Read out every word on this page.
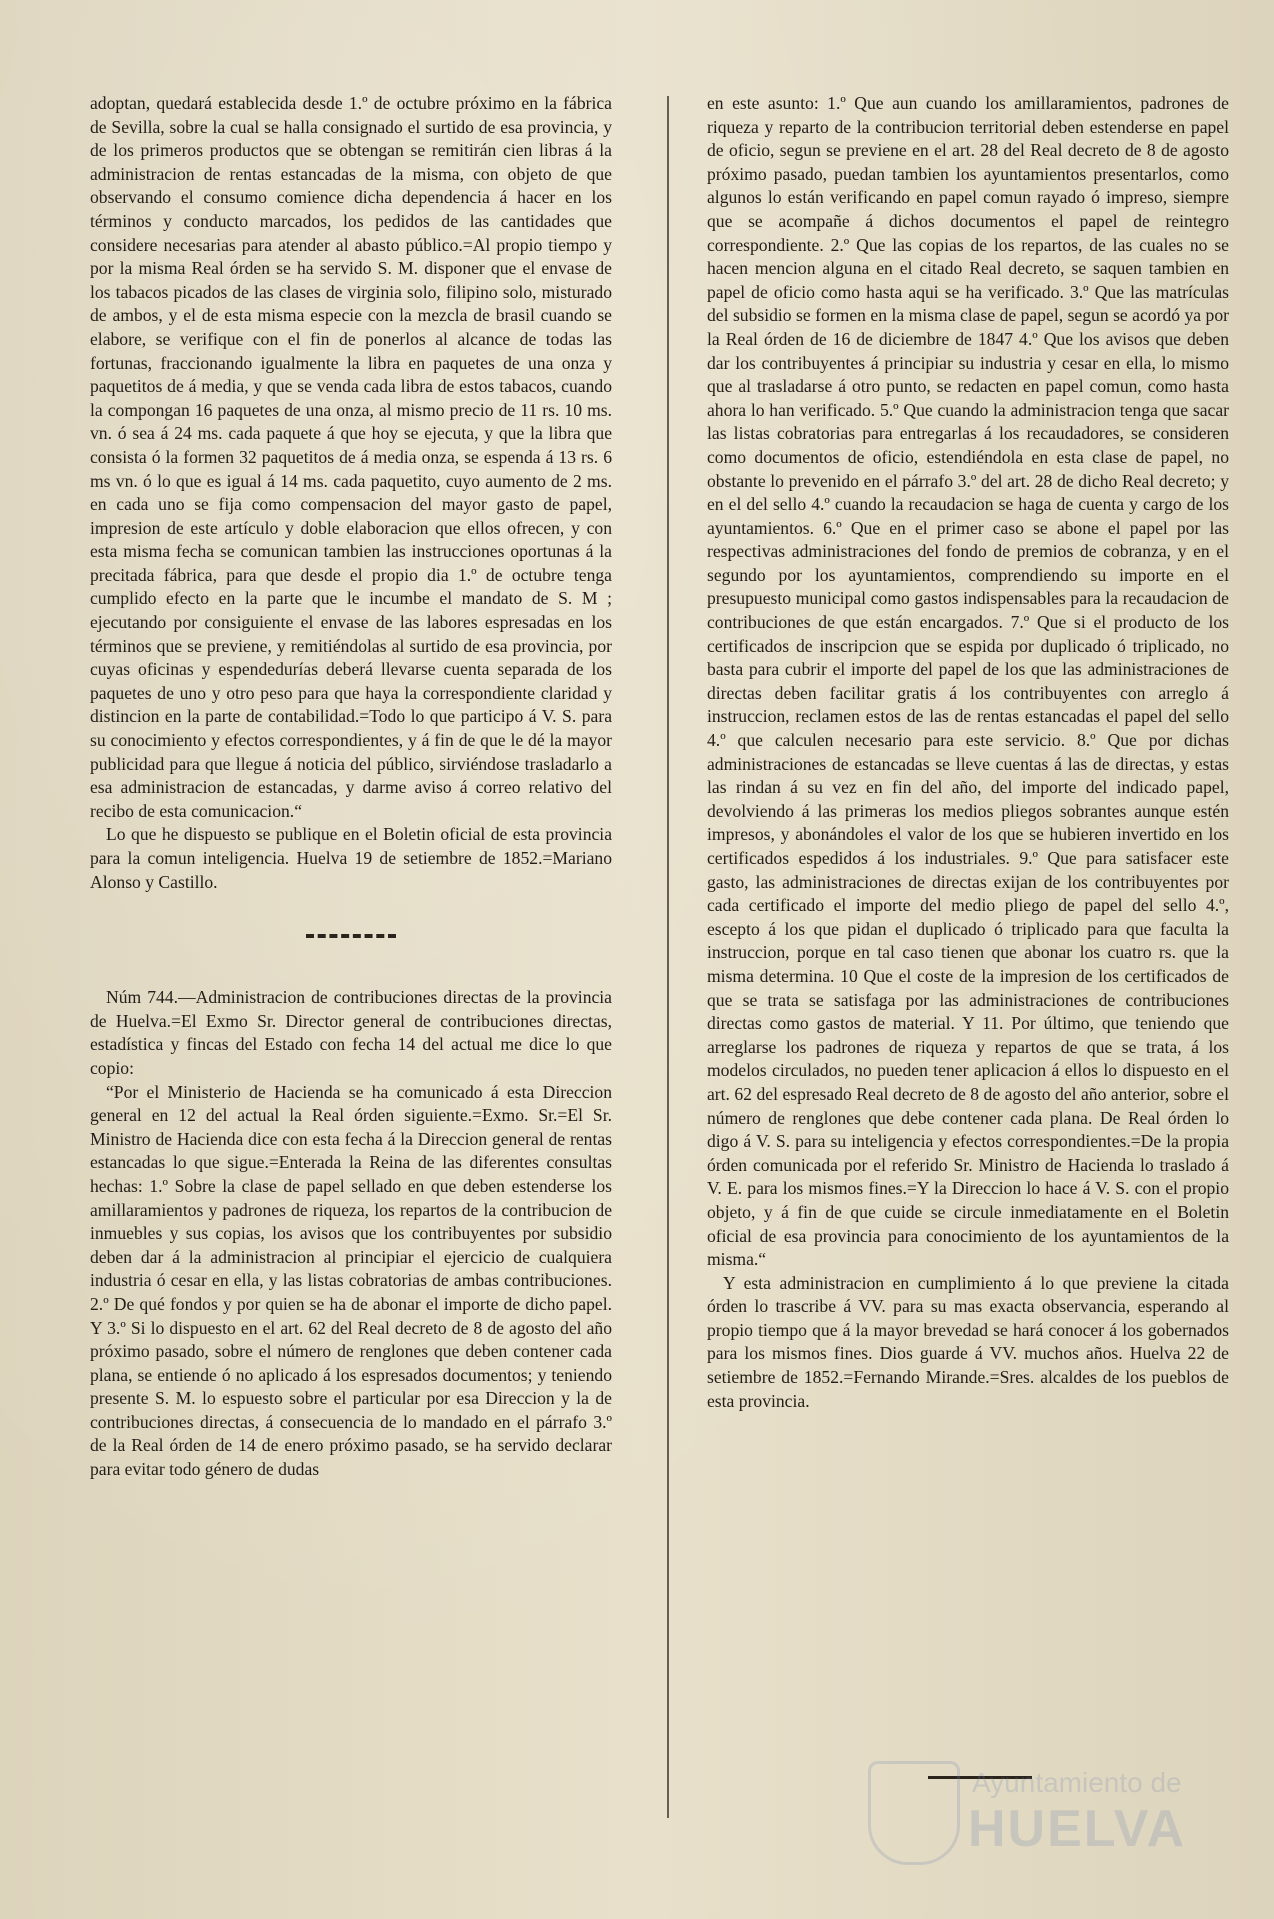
adoptan, quedará establecida desde 1.º de octubre próximo en la fábrica de Sevilla, sobre la cual se halla consignado el surtido de esa provincia, y de los primeros productos que se obtengan se remitirán cien libras á la administracion de rentas estancadas de la misma, con objeto de que observando el consumo comience dicha dependencia á hacer en los términos y conducto marcados, los pedidos de las cantidades que considere necesarias para atender al abasto público.=Al propio tiempo y por la misma Real órden se ha servido S. M. disponer que el envase de los tabacos picados de las clases de virginia solo, filipino solo, misturado de ambos, y el de esta misma especie con la mezcla de brasil cuando se elabore, se verifique con el fin de ponerlos al alcance de todas las fortunas, fraccionando igualmente la libra en paquetes de una onza y paquetitos de á media, y que se venda cada libra de estos tabacos, cuando la compongan 16 paquetes de una onza, al mismo precio de 11 rs. 10 ms. vn. ó sea á 24 ms. cada paquete á que hoy se ejecuta, y que la libra que consista ó la formen 32 paquetitos de á media onza, se espenda á 13 rs. 6 ms vn. ó lo que es igual á 14 ms. cada paquetito, cuyo aumento de 2 ms. en cada uno se fija como compensacion del mayor gasto de papel, impresion de este artículo y doble elaboracion que ellos ofrecen, y con esta misma fecha se comunican tambien las instrucciones oportunas á la precitada fábrica, para que desde el propio dia 1.º de octubre tenga cumplido efecto en la parte que le incumbe el mandato de S. M ; ejecutando por consiguiente el envase de las labores espresadas en los términos que se previene, y remitiéndolas al surtido de esa provincia, por cuyas oficinas y espendedurías deberá llevarse cuenta separada de los paquetes de uno y otro peso para que haya la correspondiente claridad y distincion en la parte de contabilidad.=Todo lo que participo á V. S. para su conocimiento y efectos correspondientes, y á fin de que le dé la mayor publicidad para que llegue á noticia del público, sirviéndose trasladarlo a esa administracion de estancadas, y darme aviso á correo relativo del recibo de esta comunicacion.“

Lo que he dispuesto se publique en el Boletin oficial de esta provincia para la comun inteligencia. Huelva 19 de setiembre de 1852.=Mariano Alonso y Castillo.

Núm 744.—Administracion de contribuciones directas de la provincia de Huelva.=El Exmo Sr. Director general de contribuciones directas, estadística y fincas del Estado con fecha 14 del actual me dice lo que copio:

“Por el Ministerio de Hacienda se ha comunicado á esta Direccion general en 12 del actual la Real órden siguiente.=Exmo. Sr.=El Sr. Ministro de Hacienda dice con esta fecha á la Direccion general de rentas estancadas lo que sigue.=Enterada la Reina de las diferentes consultas hechas: 1.º Sobre la clase de papel sellado en que deben estenderse los amillaramientos y padrones de riqueza, los repartos de la contribucion de inmuebles y sus copias, los avisos que los contribuyentes por subsidio deben dar á la administracion al principiar el ejercicio de cualquiera industria ó cesar en ella, y las listas cobratorias de ambas contribuciones. 2.º De qué fondos y por quien se ha de abonar el importe de dicho papel. Y 3.º Si lo dispuesto en el art. 62 del Real decreto de 8 de agosto del año próximo pasado, sobre el número de renglones que deben contener cada plana, se entiende ó no aplicado á los espresados documentos; y teniendo presente S. M. lo espuesto sobre el particular por esa Direccion y la de contribuciones directas, á consecuencia de lo mandado en el párrafo 3.º de la Real órden de 14 de enero próximo pasado, se ha servido declarar para evitar todo género de dudas

en este asunto: 1.º Que aun cuando los amillaramientos, padrones de riqueza y reparto de la contribucion territorial deben estenderse en papel de oficio, segun se previene en el art. 28 del Real decreto de 8 de agosto próximo pasado, puedan tambien los ayuntamientos presentarlos, como algunos lo están verificando en papel comun rayado ó impreso, siempre que se acompañe á dichos documentos el papel de reintegro correspondiente. 2.º Que las copias de los repartos, de las cuales no se hacen mencion alguna en el citado Real decreto, se saquen tambien en papel de oficio como hasta aqui se ha verificado. 3.º Que las matrículas del subsidio se formen en la misma clase de papel, segun se acordó ya por la Real órden de 16 de diciembre de 1847 4.º Que los avisos que deben dar los contribuyentes á principiar su industria y cesar en ella, lo mismo que al trasladarse á otro punto, se redacten en papel comun, como hasta ahora lo han verificado. 5.º Que cuando la administracion tenga que sacar las listas cobratorias para entregarlas á los recaudadores, se consideren como documentos de oficio, estendiéndola en esta clase de papel, no obstante lo prevenido en el párrafo 3.º del art. 28 de dicho Real decreto; y en el del sello 4.º cuando la recaudacion se haga de cuenta y cargo de los ayuntamientos. 6.º Que en el primer caso se abone el papel por las respectivas administraciones del fondo de premios de cobranza, y en el segundo por los ayuntamientos, comprendiendo su importe en el presupuesto municipal como gastos indispensables para la recaudacion de contribuciones de que están encargados. 7.º Que si el producto de los certificados de inscripcion que se espida por duplicado ó triplicado, no basta para cubrir el importe del papel de los que las administraciones de directas deben facilitar gratis á los contribuyentes con arreglo á instruccion, reclamen estos de las de rentas estancadas el papel del sello 4.º que calculen necesario para este servicio. 8.º Que por dichas administraciones de estancadas se lleve cuentas á las de directas, y estas las rindan á su vez en fin del año, del importe del indicado papel, devolviendo á las primeras los medios pliegos sobrantes aunque estén impresos, y abonándoles el valor de los que se hubieren invertido en los certificados espedidos á los industriales. 9.º Que para satisfacer este gasto, las administraciones de directas exijan de los contribuyentes por cada certificado el importe del medio pliego de papel del sello 4.º, escepto á los que pidan el duplicado ó triplicado para que faculta la instruccion, porque en tal caso tienen que abonar los cuatro rs. que la misma determina. 10 Que el coste de la impresion de los certificados de que se trata se satisfaga por las administraciones de contribuciones directas como gastos de material. Y 11. Por último, que teniendo que arreglarse los padrones de riqueza y repartos de que se trata, á los modelos circulados, no pueden tener aplicacion á ellos lo dispuesto en el art. 62 del espresado Real decreto de 8 de agosto del año anterior, sobre el número de renglones que debe contener cada plana. De Real órden lo digo á V. S. para su inteligencia y efectos correspondientes.=De la propia órden comunicada por el referido Sr. Ministro de Hacienda lo traslado á V. E. para los mismos fines.=Y la Direccion lo hace á V. S. con el propio objeto, y á fin de que cuide se circule inmediatamente en el Boletin oficial de esa provincia para conocimiento de los ayuntamientos de la misma.“

Y esta administracion en cumplimiento á lo que previene la citada órden lo trascribe á VV. para su mas exacta observancia, esperando al propio tiempo que á la mayor brevedad se hará conocer á los gobernados para los mismos fines. Dios guarde á VV. muchos años. Huelva 22 de setiembre de 1852.=Fernando Mirande.=Sres. alcaldes de los pueblos de esta provincia.

Ayuntamiento de
HUELVA
